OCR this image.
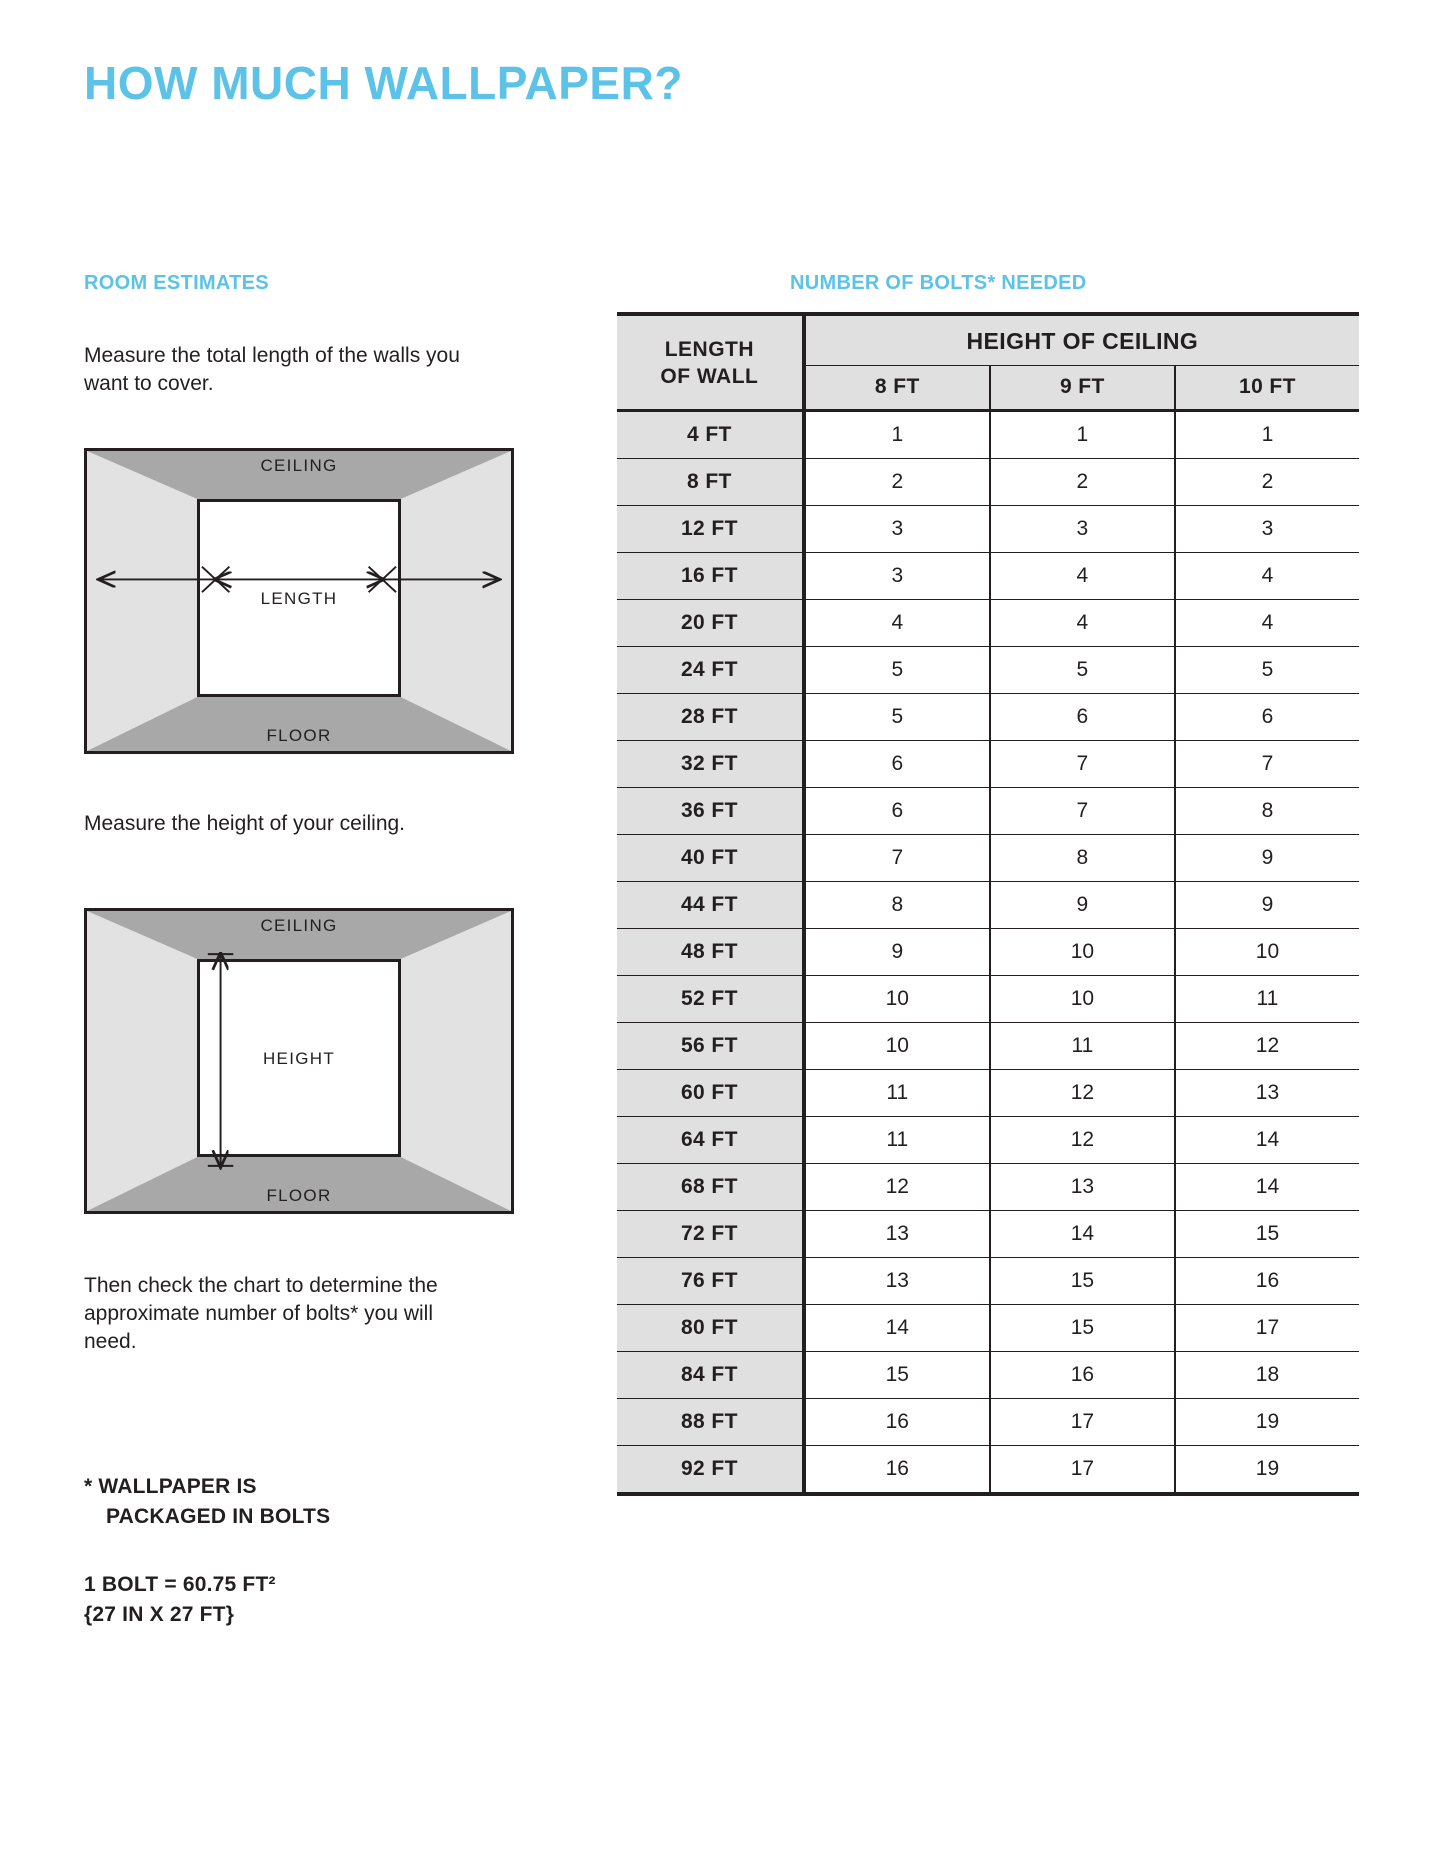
HOW MUCH WALLPAPER?
ROOM ESTIMATES	NUMBER OF BOLTS* NEEDED
Measure the total length of the walls you want to cover.
Measure the height of your ceiling.
Then check the chart to determine the approximate number of bolts* you will need.
* WALLPAPER IS
PACKAGED IN BOLTS
1 BOLT = 60.75 FT²
{27 IN X 27 FT}
CEILING
FLOOR
LENGTH
CEILING
FLOOR
HEIGHT
LENGTH
OF WALL	HEIGHT OF CEILING		
	8 FT	9 FT	10 FT
4 FT	1	1	1
8 FT	2	2	2
12 FT	3	3	3
16 FT	3	4	4
20 FT	4	4	4
24 FT	5	5	5
28 FT	5	6	6
32 FT	6	7	7
36 FT	6	7	8
40 FT	7	8	9
44 FT	8	9	9
48 FT	9	10	10
52 FT	10	10	11
56 FT	10	11	12
60 FT	11	12	13
64 FT	11	12	14
68 FT	12	13	14
72 FT	13	14	15
76 FT	13	15	16
80 FT	14	15	17
84 FT	15	16	18
88 FT	16	17	19
92 FT	16	17	19
